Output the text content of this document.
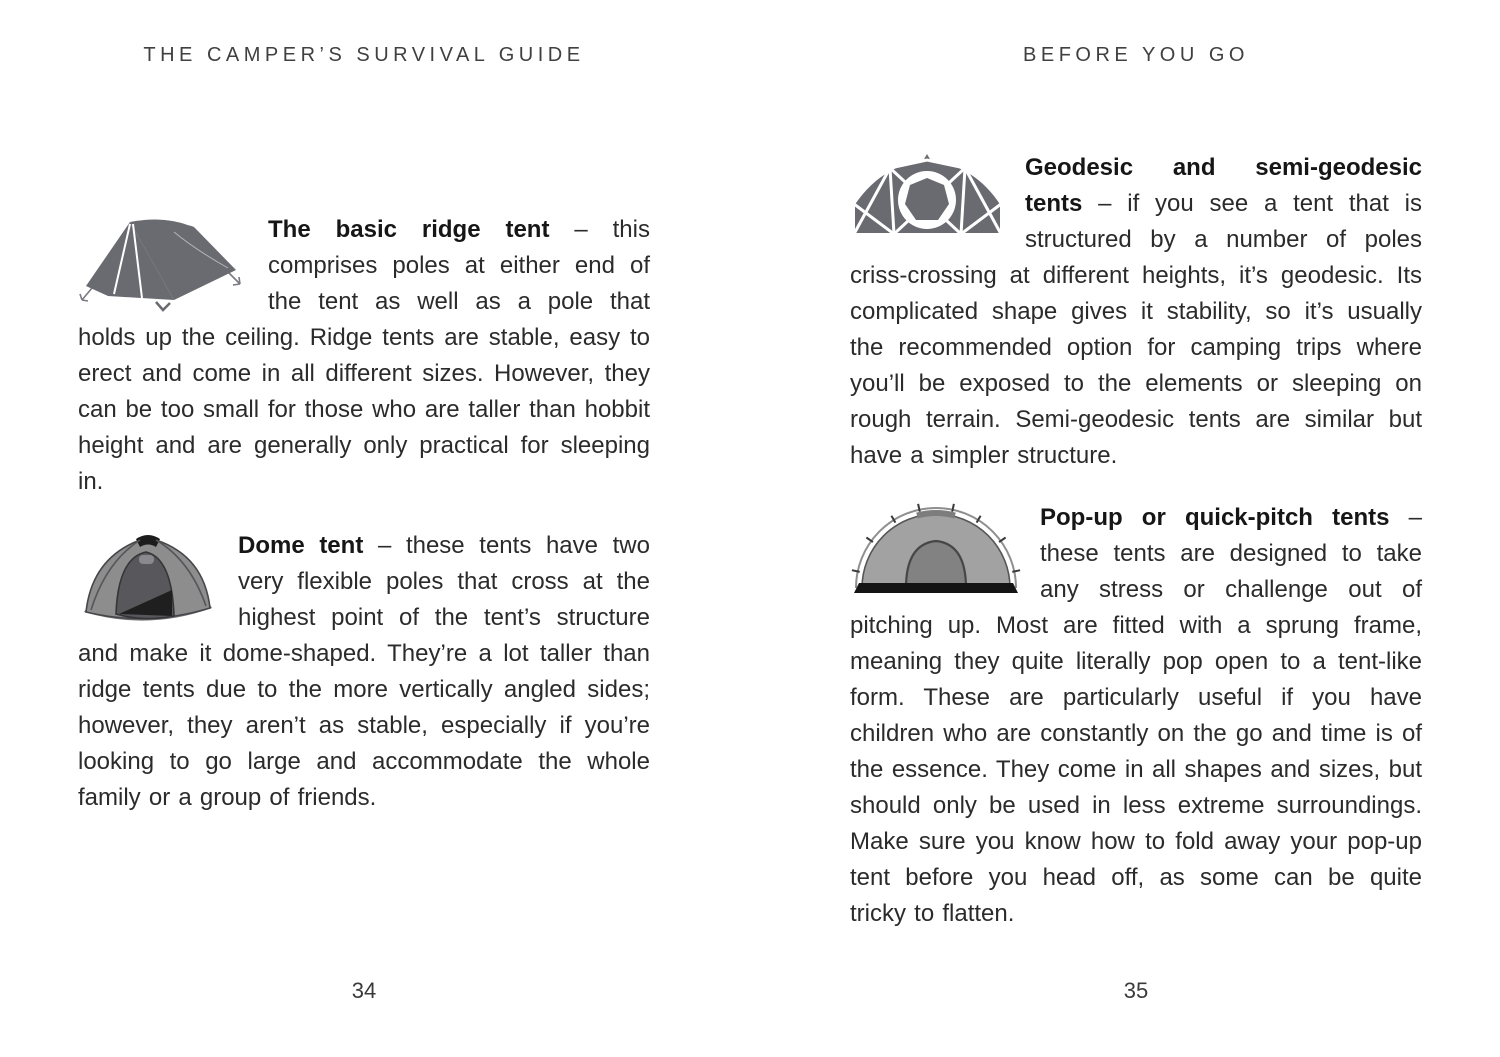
THE CAMPER’S SURVIVAL GUIDE	BEFORE YOU GO

The basic ridge tent – this comprises poles at either end of the tent as well as a pole that holds up the ceiling. Ridge tents are stable, easy to erect and come in all different sizes. However, they can be too small for those who are taller than hobbit height and are generally only practical for sleeping in.

Dome tent – these tents have two very flexible poles that cross at the highest point of the tent’s structure and make it dome-shaped. They’re a lot taller than ridge tents due to the more vertically angled sides; however, they aren’t as stable, especially if you’re looking to go large and accommodate the whole family or a group of friends.

Geodesic and semi-geodesic tents – if you see a tent that is structured by a number of poles criss-crossing at different heights, it’s geodesic. Its complicated shape gives it stability, so it’s usually the recommended option for camping trips where you’ll be exposed to the elements or sleeping on rough terrain. Semi-geodesic tents are similar but have a simpler structure.

Pop-up or quick-pitch tents – these tents are designed to take any stress or challenge out of pitching up. Most are fitted with a sprung frame, meaning they quite literally pop open to a tent-like form. These are particularly useful if you have children who are constantly on the go and time is of the essence. They come in all shapes and sizes, but should only be used in less extreme surroundings. Make sure you know how to fold away your pop-up tent before you head off, as some can be quite tricky to flatten.

34	35
